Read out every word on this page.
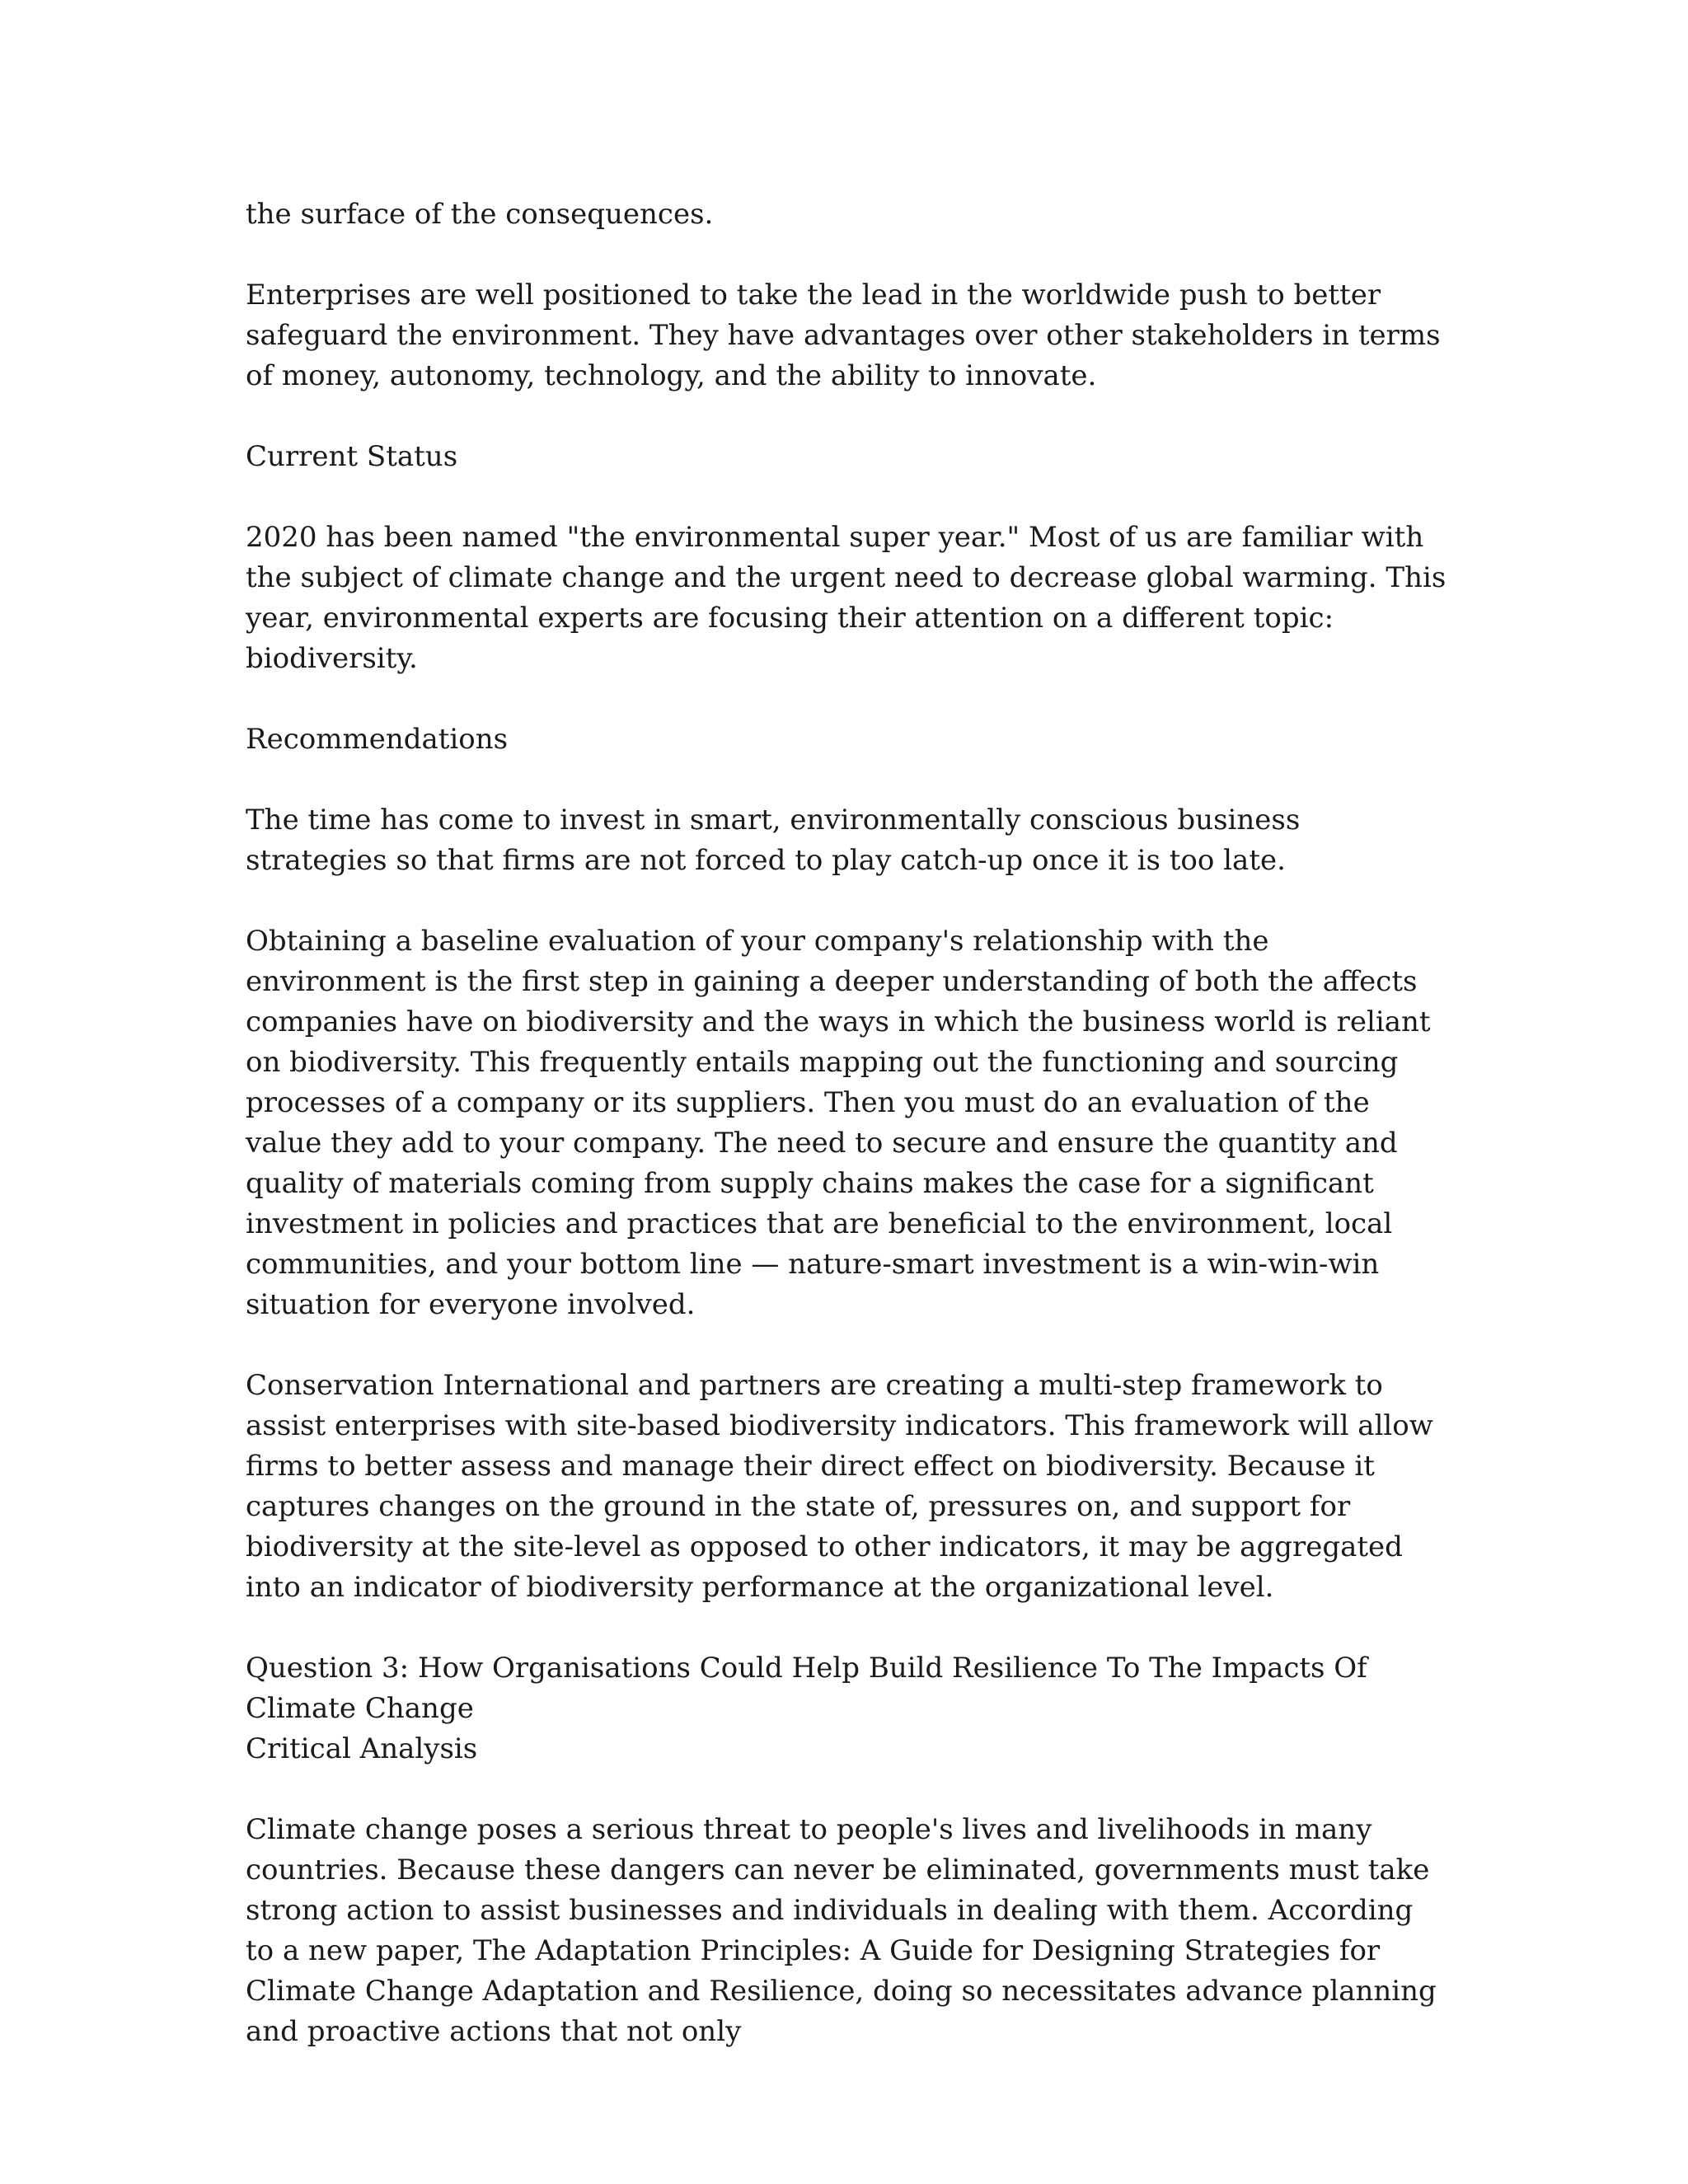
the surface of the consequences.

Enterprises are well positioned to take the lead in the worldwide push to better safeguard the environment. They have advantages over other stakeholders in terms of money, autonomy, technology, and the ability to innovate.

Current Status

2020 has been named "the environmental super year." Most of us are familiar with the subject of climate change and the urgent need to decrease global warming. This year, environmental experts are focusing their attention on a different topic: biodiversity.

Recommendations

The time has come to invest in smart, environmentally conscious business strategies so that firms are not forced to play catch-up once it is too late.

Obtaining a baseline evaluation of your company's relationship with the environment is the first step in gaining a deeper understanding of both the affects companies have on biodiversity and the ways in which the business world is reliant on biodiversity. This frequently entails mapping out the functioning and sourcing processes of a company or its suppliers. Then you must do an evaluation of the value they add to your company. The need to secure and ensure the quantity and quality of materials coming from supply chains makes the case for a significant investment in policies and practices that are beneficial to the environment, local communities, and your bottom line — nature-smart investment is a win-win-win situation for everyone involved.

Conservation International and partners are creating a multi-step framework to assist enterprises with site-based biodiversity indicators. This framework will allow firms to better assess and manage their direct effect on biodiversity. Because it captures changes on the ground in the state of, pressures on, and support for biodiversity at the site-level as opposed to other indicators, it may be aggregated into an indicator of biodiversity performance at the organizational level.

Question 3: How Organisations Could Help Build Resilience To The Impacts Of Climate Change

Critical Analysis

Climate change poses a serious threat to people's lives and livelihoods in many countries. Because these dangers can never be eliminated, governments must take strong action to assist businesses and individuals in dealing with them. According to a new paper, The Adaptation Principles: A Guide for Designing Strategies for Climate Change Adaptation and Resilience, doing so necessitates advance planning and proactive actions that not only
